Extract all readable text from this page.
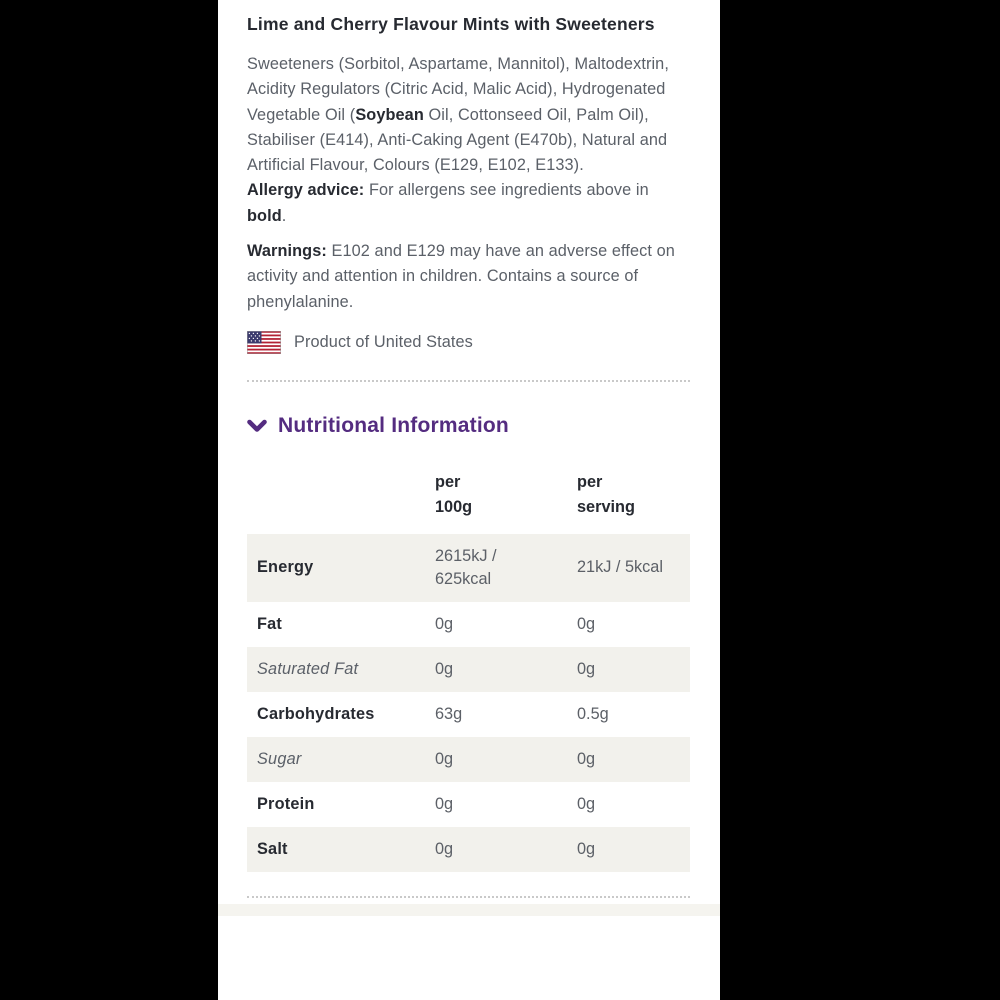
Lime and Cherry Flavour Mints with Sweeteners

Sweeteners (Sorbitol, Aspartame, Mannitol), Maltodextrin, Acidity Regulators (Citric Acid, Malic Acid), Hydrogenated Vegetable Oil (Soybean Oil, Cottonseed Oil, Palm Oil), Stabiliser (E414), Anti-Caking Agent (E470b), Natural and Artificial Flavour, Colours (E129, E102, E133).

Allergy advice: For allergens see ingredients above in bold.

Warnings: E102 and E129 may have an adverse effect on activity and attention in children. Contains a source of phenylalanine.

Product of United States
Nutritional Information
	per 100g	per serving
Energy	2615kJ / 625kcal	21kJ / 5kcal
Fat	0g	0g
Saturated Fat	0g	0g
Carbohydrates	63g	0.5g
Sugar	0g	0g
Protein	0g	0g
Salt	0g	0g
